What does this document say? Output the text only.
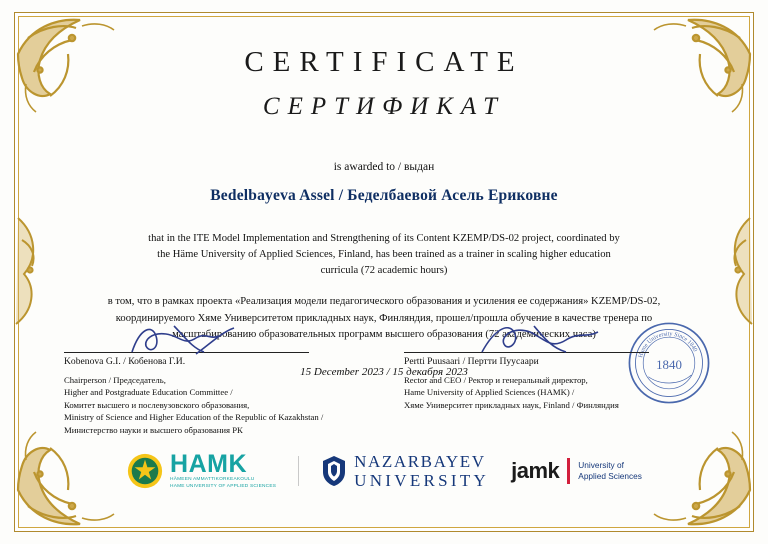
CERTIFICATE
СЕРТИФИКАТ
is awarded to / выдан
Bedelbayeva Assel / Беделбаевой Асель Ериковне
that in the ITE Model Implementation and Strengthening of its Content KZEMP/DS-02 project, coordinated by
the Häme University of Applied Sciences, Finland, has been trained as a trainer in scaling higher education
curricula (72 academic hours)
в том, что в рамках проекта «Реализация модели педагогического образования и усиления ее содержания» KZEMP/DS-02,
координируемого Хяме Университетом прикладных наук, Финляндия, прошел/прошла обучение в качестве тренера по
масштабированию образовательных программ высшего образования (72 академических часа)
15 December 2023 / 15 декабря 2023
Hame University Since 1840
1840
Kobenova G.I. / Кобенова Г.И.
Chairperson / Председатель,
Higher and Postgraduate Education Committee /
Комитет высшего и послевузовского образования,
Ministry of Science and Higher Education of the Republic of Kazakhstan /
Министерство науки и высшего образования РК
Pertti Puusaari / Пертти Пуусаари
Rector and CEO / Ректор и генеральный директор,
Hame University of Applied Sciences (HAMK) /
Хяме Университет прикладных наук, Finland / Финляндия
HAMK
HÄMEEN AMMATTIKORKEAKOULU
HAME UNIVERSITY OF APPLIED SCIENCES
NAZARBAYEV
UNIVERSITY jamk University of
Applied Sciences
